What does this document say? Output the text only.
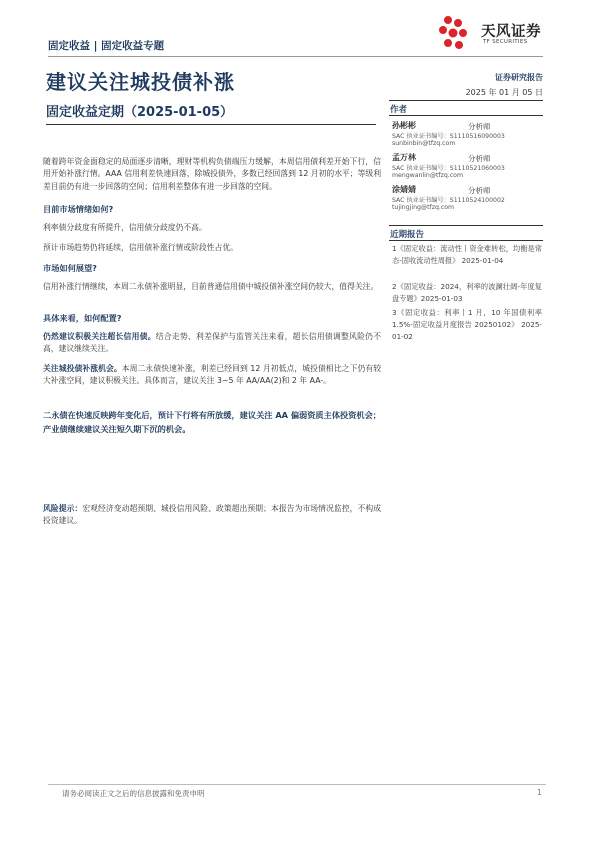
固定收益 | 固定收益专题
天风证券
TF SECURITIES
建议关注城投债补涨
固定收益定期（2025-01-05）
证券研究报告
2025 年 01 月 05 日
作者
孙彬彬	分析师
SAC 执业证书编号：S1110516090003
sunbinbin@tfzq.com
孟万林	分析师
SAC 执业证书编号：S1110521060003
mengwanlin@tfzq.com
涂婧婧	分析师
SAC 执业证书编号：S1110524100002
tujingjing@tfzq.com
近期报告
1《固定收益：流动性丨资金难转松，均衡是常态-固收流动性周报》 2025-01-04
2《固定收益：2024，利率的波澜壮阔-年度复盘专题》2025-01-03
3《固定收益：利率丨1 月，10 年国债利率 1.5%-固定收益月度报告 20250102》 2025-01-02
随着跨年资金面稳定的局面逐步清晰，理财等机构负债端压力缓解，本周信用债利差开始下行，信用开始补涨行情。AAA 信用利差快速回落，除城投债外，多数已经回落到 12 月初的水平；等级利差目前仍有进一步回落的空间；信用利差整体有进一步回落的空间。
目前市场情绪如何?
利率债分歧度有所提升，信用债分歧度仍不高。
预计市场趋势仍将延续，信用债补涨行情或阶段性占优。
市场如何展望?
信用补涨行情继续，本周二永债补涨明显，目前普通信用债中城投债补涨空间仍较大，值得关注。
具体来看，如何配置?
仍然建议积极关注超长信用债。结合走势、利差保护与监管关注来看，超长信用债调整风险仍不高，建议继续关注。
关注城投债补涨机会。本周二永债快速补涨，利差已经回到 12 月初低点，城投债相比之下仍有较大补涨空间，建议积极关注。具体而言，建议关注 3~5 年 AA/AA(2)和 2 年 AA-。
二永债在快速反映跨年变化后，预计下行将有所放缓，建议关注 AA 偏弱资质主体投资机会；产业债继续建议关注短久期下沉的机会。
风险提示：宏观经济变动超预期、城投信用风险、政策超出预期；本报告为市场情况监控，不构成投资建议。
请务必阅读正文之后的信息披露和免责申明	1
